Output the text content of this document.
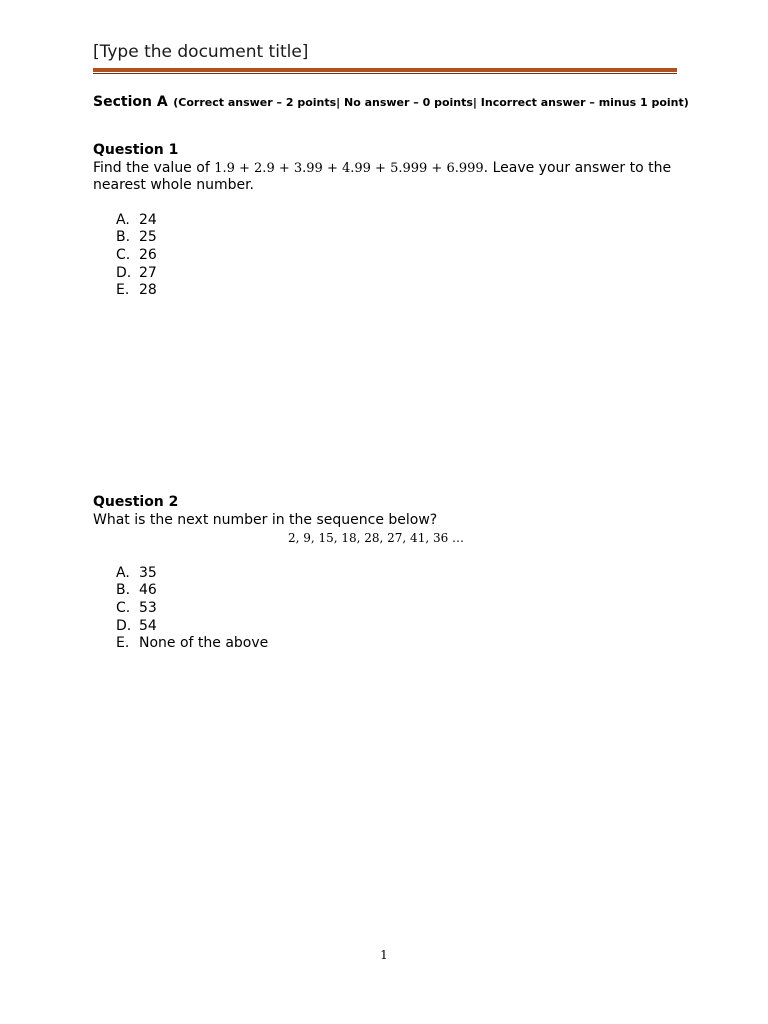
[Type the document title]
Section A (Correct answer – 2 points| No answer – 0 points| Incorrect answer – minus 1 point)
Question 1

Find the value of 1.9 + 2.9 + 3.99 + 4.99 + 5.999 + 6.999. Leave your answer to the nearest whole number.

A. 24
B. 25
C. 26
D. 27
E. 28
Question 2

What is the next number in the sequence below?

2, 9, 15, 18, 28, 27, 41, 36 …
A. 35
B. 46
C. 53
D. 54
E. None of the above
1
